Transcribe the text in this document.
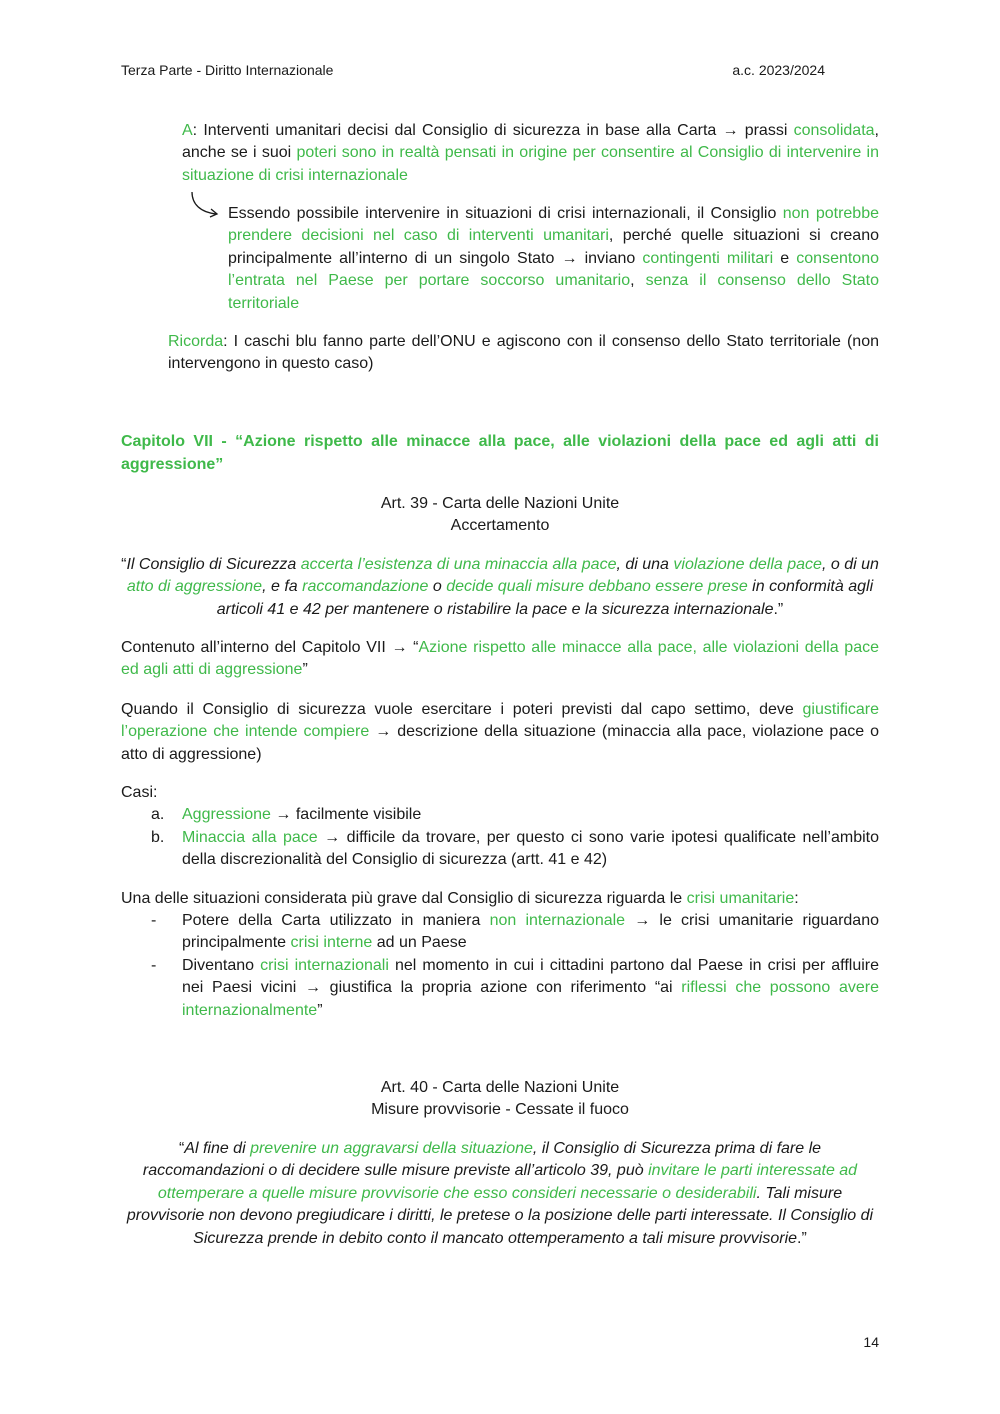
Terza Parte - Diritto Internazionale	a.c. 2023/2024
A: Interventi umanitari decisi dal Consiglio di sicurezza in base alla Carta → prassi consolidata, anche se i suoi poteri sono in realtà pensati in origine per consentire al Consiglio di intervenire in situazione di crisi internazionale
Essendo possibile intervenire in situazioni di crisi internazionali, il Consiglio non potrebbe prendere decisioni nel caso di interventi umanitari, perché quelle situazioni si creano principalmente all’interno di un singolo Stato → inviano contingenti militari e consentono l’entrata nel Paese per portare soccorso umanitario, senza il consenso dello Stato territoriale
Ricorda: I caschi blu fanno parte dell’ONU e agiscono con il consenso dello Stato territoriale (non intervengono in questo caso)
Capitolo VII - “Azione rispetto alle minacce alla pace, alle violazioni della pace ed agli atti di aggressione”
Art. 39 - Carta delle Nazioni Unite
Accertamento
“Il Consiglio di Sicurezza accerta l’esistenza di una minaccia alla pace, di una violazione della pace, o di un atto di aggressione, e fa raccomandazione o decide quali misure debbano essere prese in conformità agli articoli 41 e 42 per mantenere o ristabilire la pace e la sicurezza internazionale.”
Contenuto all’interno del Capitolo VII → “Azione rispetto alle minacce alla pace, alle violazioni della pace ed agli atti di aggressione”
Quando il Consiglio di sicurezza vuole esercitare i poteri previsti dal capo settimo, deve giustificare l’operazione che intende compiere → descrizione della situazione (minaccia alla pace, violazione pace o atto di aggressione)
Casi:
a. Aggressione → facilmente visibile
b. Minaccia alla pace → difficile da trovare, per questo ci sono varie ipotesi qualificate nell’ambito della discrezionalità del Consiglio di sicurezza (artt. 41 e 42)
Una delle situazioni considerata più grave dal Consiglio di sicurezza riguarda le crisi umanitarie:
- Potere della Carta utilizzato in maniera non internazionale → le crisi umanitarie riguardano principalmente crisi interne ad un Paese
- Diventano crisi internazionali nel momento in cui i cittadini partono dal Paese in crisi per affluire nei Paesi vicini → giustifica la propria azione con riferimento “ai riflessi che possono avere internazionalmente”
Art. 40 - Carta delle Nazioni Unite
Misure provvisorie - Cessate il fuoco
“Al fine di prevenire un aggravarsi della situazione, il Consiglio di Sicurezza prima di fare le raccomandazioni o di decidere sulle misure previste all’articolo 39, può invitare le parti interessate ad ottemperare a quelle misure provvisorie che esso consideri necessarie o desiderabili. Tali misure provvisorie non devono pregiudicare i diritti, le pretese o la posizione delle parti interessate. Il Consiglio di Sicurezza prende in debito conto il mancato ottemperamento a tali misure provvisorie.”
14
